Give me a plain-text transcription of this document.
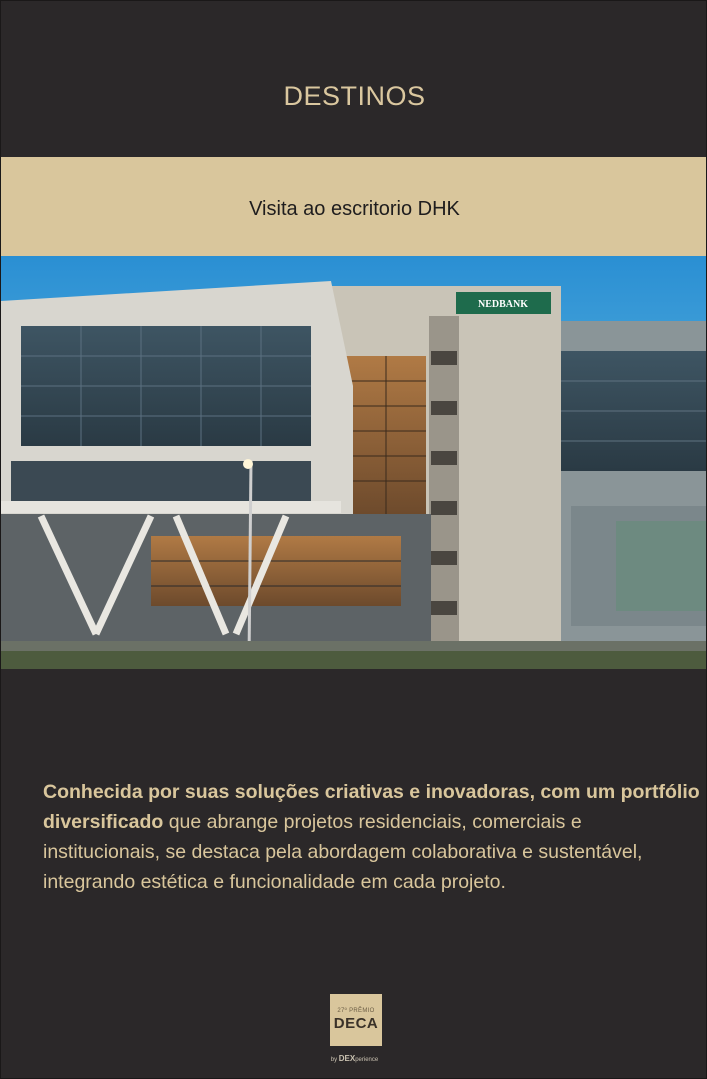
DESTINOS
Visita ao escritorio DHK
NEDBANK
Conhecida por suas soluções criativas e inovadoras, com um portfólio diversificado que abrange projetos residenciais, comerciais e institucionais, se destaca pela abordagem colaborativa e sustentável, integrando estética e funcionalidade em cada projeto.
27º PRÊMIO
DECA
by DEXperience
